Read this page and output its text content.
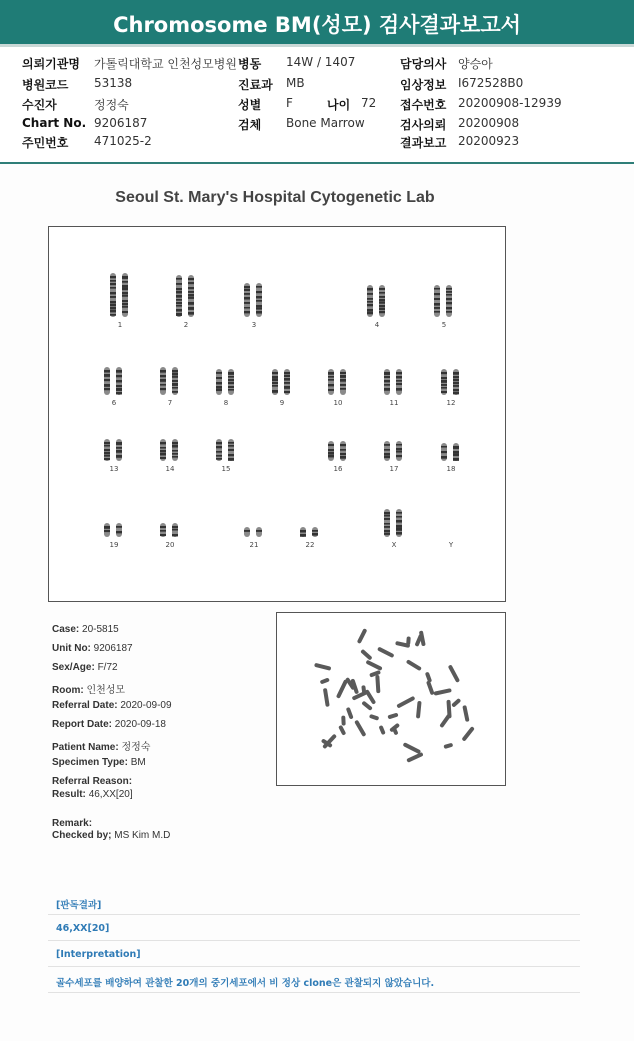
Chromosome BM(성모) 검사결과보고서
의뢰기관명 가톨릭대학교 인천성모병원
병원코드 53138
수진자	정정숙
Chart No. 9206187
주민번호 471025-2
병동 14W / 1407
진료과 MB
성별 F	나이 72
검체 Bone Marrow
담당의사 양승아
임상정보 I672528B0
접수번호 20200908-12939
검사의뢰 20200908
결과보고 20200923
Seoul St. Mary's Hospital Cytogenetic Lab
1	2	3	4	5
6	7	8	9	10	11	12
13	14	15	16	17	18
19	20	21	22	X	Y
Case: 20-5815
Unit No: 9206187
Sex/Age: F/72
Room: 인천성모
Referral Date: 2020-09-09
Report Date: 2020-09-18
Patient Name: 정정숙
Specimen Type: BM
Referral Reason:
Result: 46,XX[20]
Remark:
Checked by; MS Kim M.D
[판독결과]
46,XX[20]
[Interpretation]
골수세포를 배양하여 관찰한 20개의 중기세포에서 비 정상 clone은 관찰되지 않았습니다.
